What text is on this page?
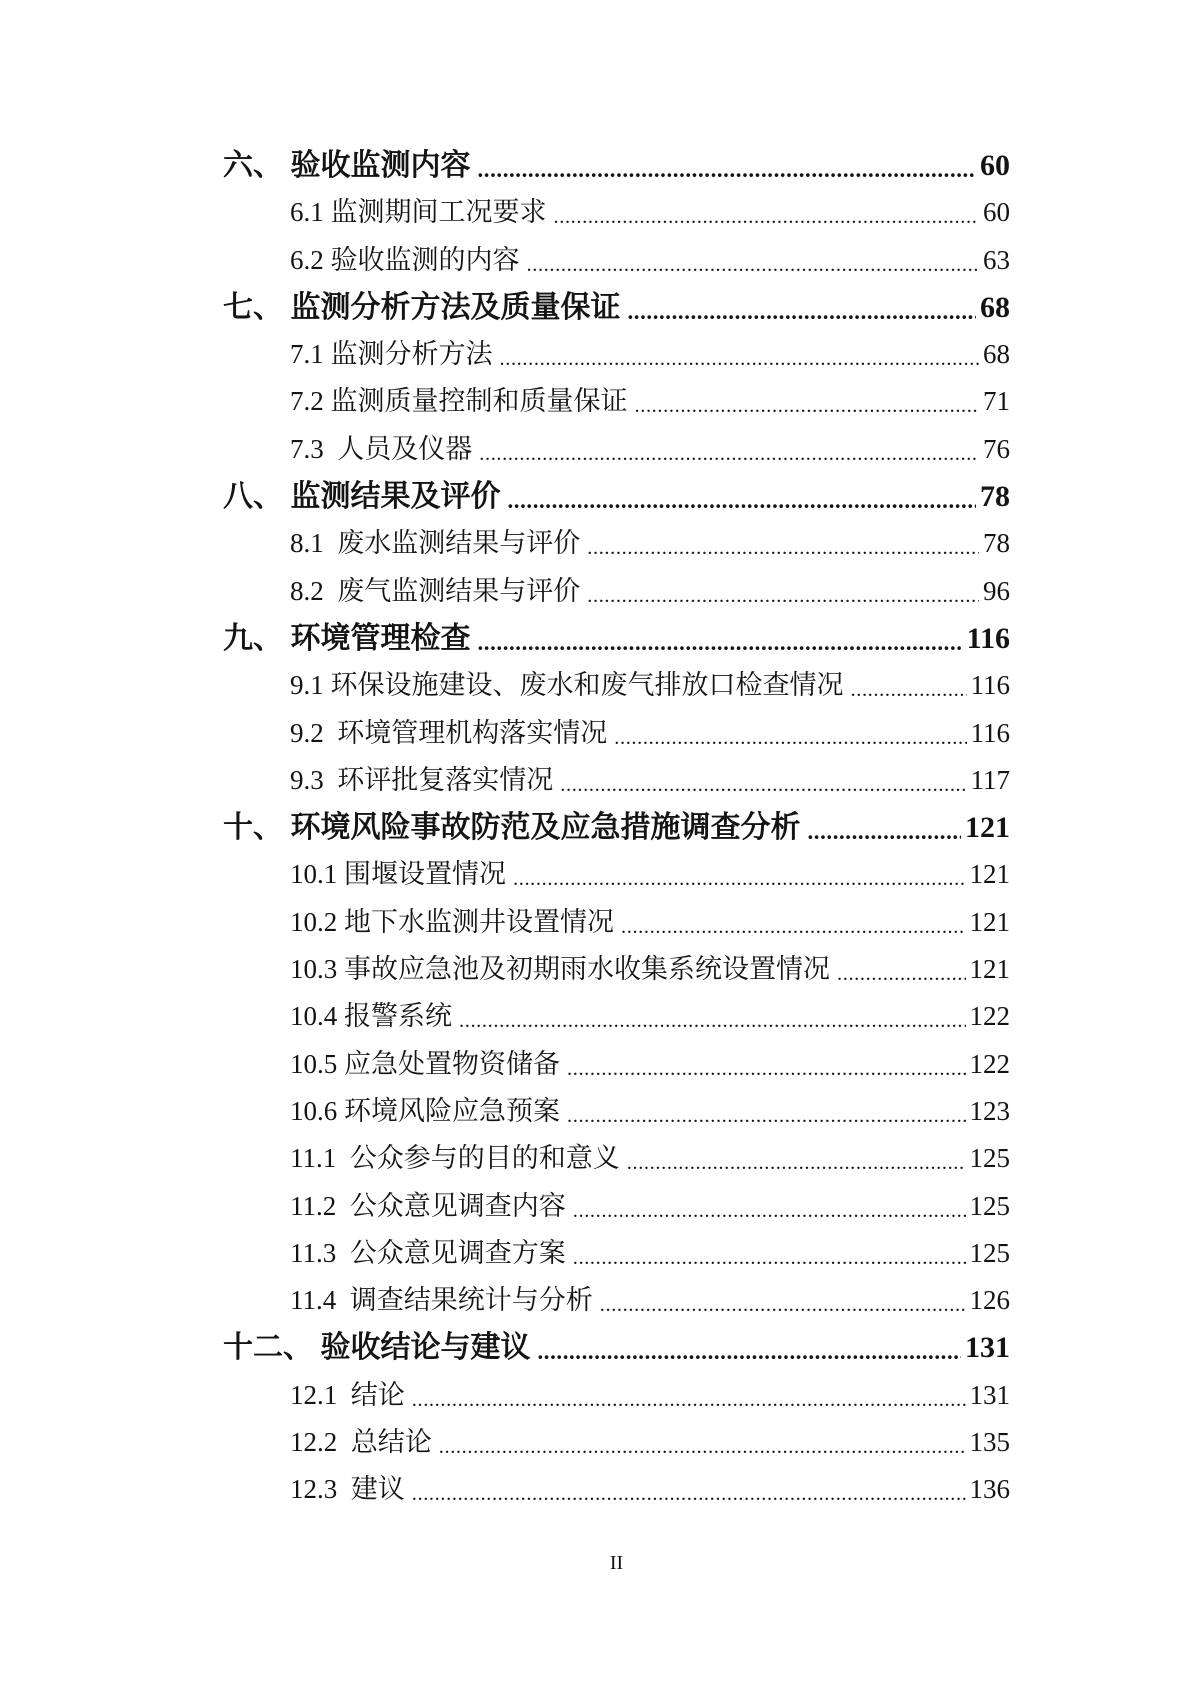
六、 验收监测内容 .....	60
6.1 监测期间工况要求 .....	60
6.2 验收监测的内容 .....	63
七、 监测分析方法及质量保证 .....	68
7.1 监测分析方法 .....	68
7.2 监测质量控制和质量保证 .....	71
7.3  人员及仪器 .....	76
八、 监测结果及评价 .....	78
8.1  废水监测结果与评价 .....	78
8.2  废气监测结果与评价 .....	96
九、 环境管理检查 .....	116
9.1 环保设施建设、废水和废气排放口检查情况 .....	116
9.2  环境管理机构落实情况 .....	116
9.3  环评批复落实情况 .....	117
十、 环境风险事故防范及应急措施调查分析 .....	121
10.1 围堰设置情况 .....	121
10.2 地下水监测井设置情况 .....	121
10.3 事故应急池及初期雨水收集系统设置情况 .....	121
10.4 报警系统 .....	122
10.5 应急处置物资储备 .....	122
10.6 环境风险应急预案 .....	123
11.1  公众参与的目的和意义 .....	125
11.2  公众意见调查内容 .....	125
11.3  公众意见调查方案 .....	125
11.4  调查结果统计与分析 .....	126
十二、 验收结论与建议 .....	131
12.1  结论 .....	131
12.2  总结论 .....	135
12.3  建议 .....	136
II
